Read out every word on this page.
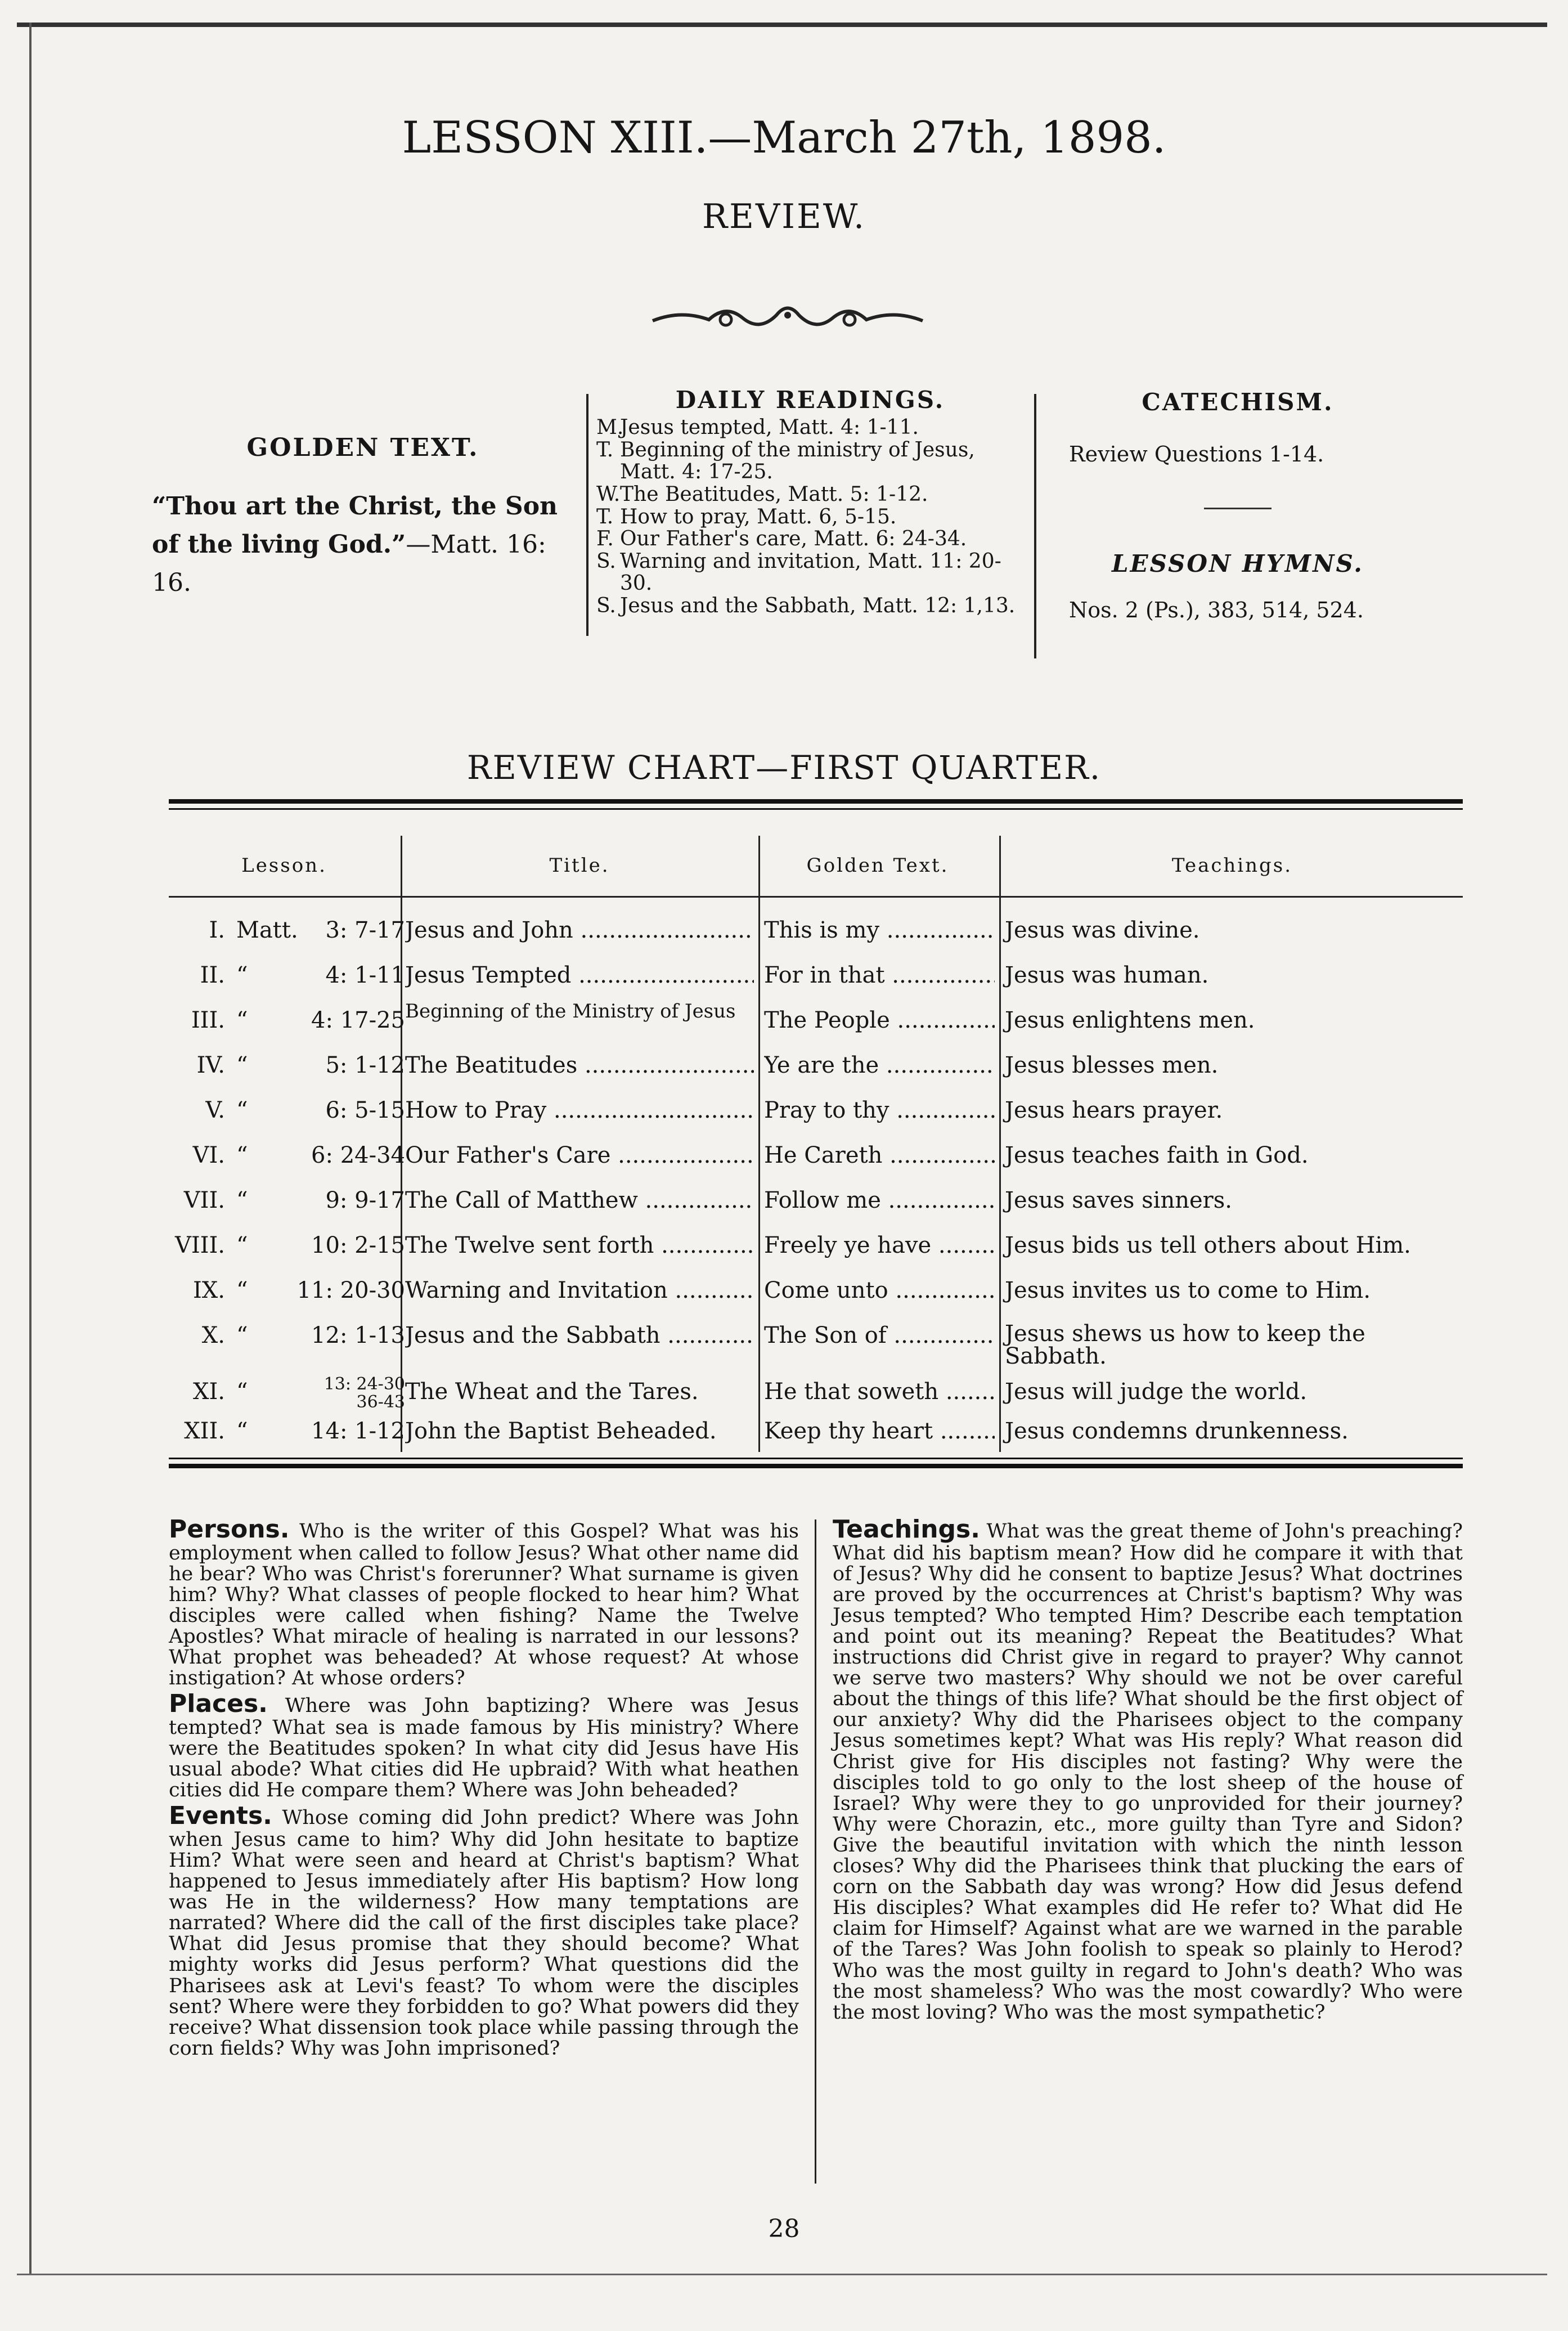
LESSON XIII.—March 27th, 1898.
REVIEW.
GOLDEN TEXT.
“Thou art the Christ, the Son of the living God.”—Matt. 16: 16.
DAILY READINGS.
M.
Jesus tempted, Matt. 4: 1-11.
T. Beginning of the ministry of Jesus, Matt. 4: 17-25.
W. The Beatitudes, Matt. 5: 1-12.
T. How to pray, Matt. 6, 5-15.
F. Our Father's care, Matt. 6: 24-34.
S. Warning and invitation, Matt. 11: 20-30.
S. Jesus and the Sabbath, Matt. 12: 1,13.
CATECHISM.
Review Questions 1-14.
LESSON HYMNS.
Nos. 2 (Ps.), 383, 514, 524.
REVIEW CHART—FIRST QUARTER.
Lesson.	Title.	Golden Text.	Teachings.
I. Matt.	3: 7-17 Jesus and John .....	This is my .....	Jesus was divine.
II. “	4: 1-11 Jesus Tempted .....	For in that .....	Jesus was human.
III. “	4: 17-25 Beginning of the Ministry of Jesus	The People .....	Jesus enlightens men.
IV. “	5: 1-12 The Beatitudes .....	Ye are the .....	Jesus blesses men.
V. “	6: 5-15 How to Pray .....	Pray to thy .....	Jesus hears prayer.
VI. “	6: 24-34 Our Father's Care .....	He Careth .....	Jesus teaches faith in God.
VII. “	9: 9-17 The Call of Matthew .....	Follow me .....	Jesus saves sinners.
VIII. “	10: 2-15 The Twelve sent forth .....	Freely ye have .....	Jesus bids us tell others about Him.
IX. “	11: 20-30 Warning and Invitation .....	Come unto .....	Jesus invites us to come to Him.
X. “	12: 1-13 Jesus and the Sabbath .....	The Son of .....	Jesus shews us how to keep the Sabbath.
XI. “	13: 24-30 36-43 The Wheat and the Tares.	He that soweth .....	Jesus will judge the world.
XII. “	14: 1-12 John the Baptist Beheaded.	Keep thy heart .....	Jesus condemns drunkenness.

Persons. Who is the writer of this Gospel? What was his employment when called to follow Jesus? What other name did he bear? Who was Christ's forerunner? What surname is given him? Why? What classes of people flocked to hear him? What disciples were called when fishing? Name the Twelve Apostles? What miracle of healing is narrated in our lessons? What prophet was beheaded? At whose request? At whose instigation? At whose orders?

Places. Where was John baptizing? Where was Jesus tempted? What sea is made famous by His ministry? Where were the Beatitudes spoken? In what city did Jesus have His usual abode? What cities did He upbraid? With what heathen cities did He compare them? Where was John beheaded?

Events. Whose coming did John predict? Where was John when Jesus came to him? Why did John hesitate to baptize Him? What were seen and heard at Christ's baptism? What happened to Jesus immediately after His baptism? How long was He in the wilderness? How many temptations are narrated? Where did the call of the first disciples take place? What did Jesus promise that they should become? What mighty works did Jesus perform? What questions did the Pharisees ask at Levi's feast? To whom were the disciples sent? Where were they forbidden to go? What powers did they receive? What dissension took place while passing through the corn fields? Why was John imprisoned?

Teachings. What was the great theme of John's preaching? What did his baptism mean? How did he compare it with that of Jesus? Why did he consent to baptize Jesus? What doctrines are proved by the occurrences at Christ's baptism? Why was Jesus tempted? Who tempted Him? Describe each temptation and point out its meaning? Repeat the Beatitudes? What instructions did Christ give in regard to prayer? Why cannot we serve two masters? Why should we not be over careful about the things of this life? What should be the first object of our anxiety? Why did the Pharisees object to the company Jesus sometimes kept? What was His reply? What reason did Christ give for His disciples not fasting? Why were the disciples told to go only to the lost sheep of the house of Israel? Why were they to go unprovided for their journey? Why were Chorazin, etc., more guilty than Tyre and Sidon? Give the beautiful invitation with which the ninth lesson closes? Why did the Pharisees think that plucking the ears of corn on the Sabbath day was wrong? How did Jesus defend His disciples? What examples did He refer to? What did He claim for Himself? Against what are we warned in the parable of the Tares? Was John foolish to speak so plainly to Herod? Who was the most guilty in regard to John's death? Who was the most shameless? Who was the most cowardly? Who were the most loving? Who was the most sympathetic?

28
